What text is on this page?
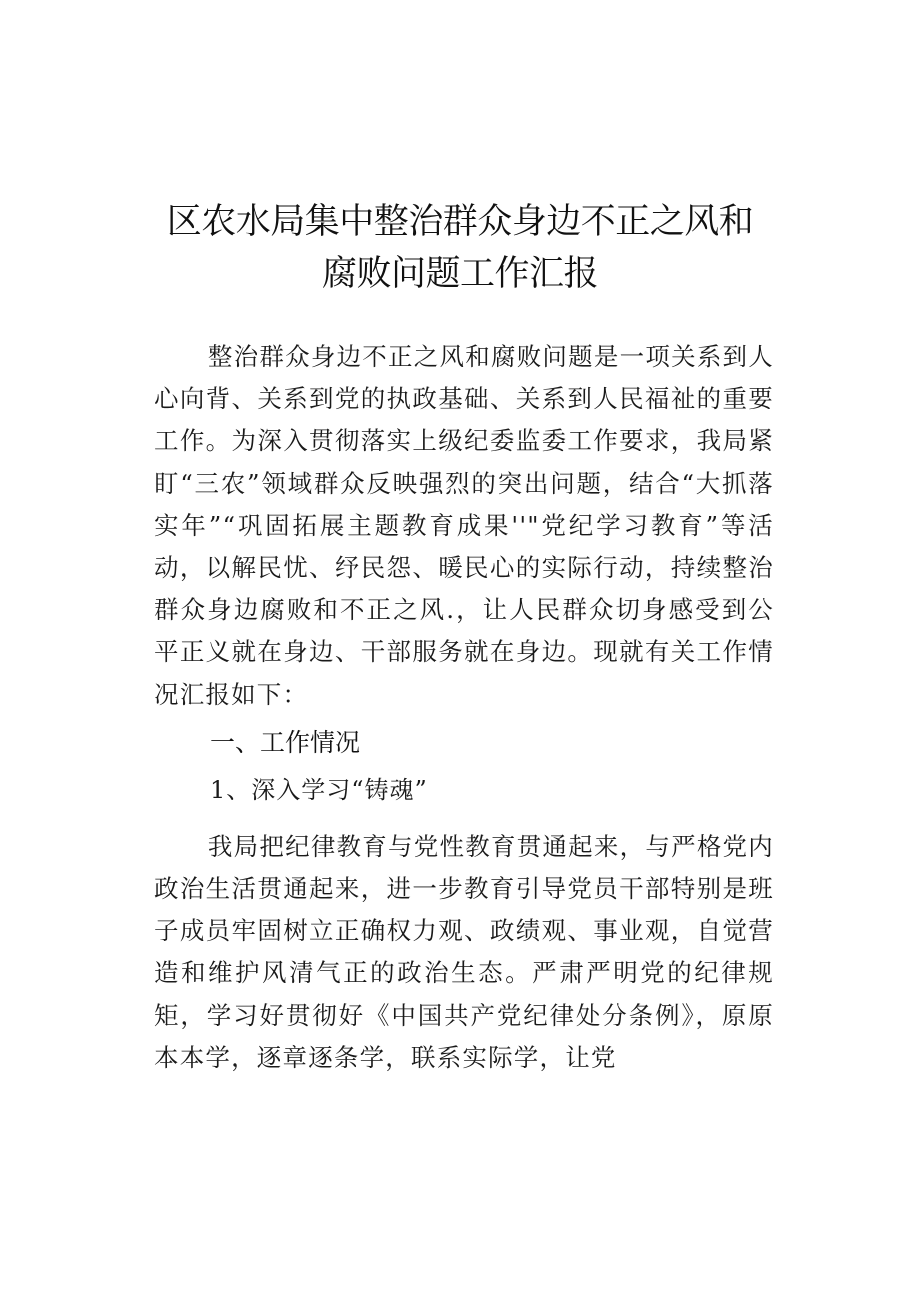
区农水局集中整治群众身边不正之风和
腐败问题工作汇报

整治群众身边不正之风和腐败问题是一项关系到人心向背、关系到党的执政基础、关系到人民福祉的重要工作。为深入贯彻落实上级纪委监委工作要求，我局紧盯“三农”领域群众反映强烈的突出问题，结合“大抓落实年”“巩固拓展主题教育成果''"党纪学习教育”等活动，以解民忧、纾民怨、暖民心的实际行动，持续整治群众身边腐败和不正之风.，让人民群众切身感受到公平正义就在身边、干部服务就在身边。现就有关工作情况汇报如下：

一、工作情况
1、深入学习“铸魂”

我局把纪律教育与党性教育贯通起来，与严格党内政治生活贯通起来，进一步教育引导党员干部特别是班子成员牢固树立正确权力观、政绩观、事业观，自觉营造和维护风清气正的政治生态。严肃严明党的纪律规矩，学习好贯彻好《中国共产党纪律处分条例》，原原本本学，逐章逐条学，联系实际学，让党
